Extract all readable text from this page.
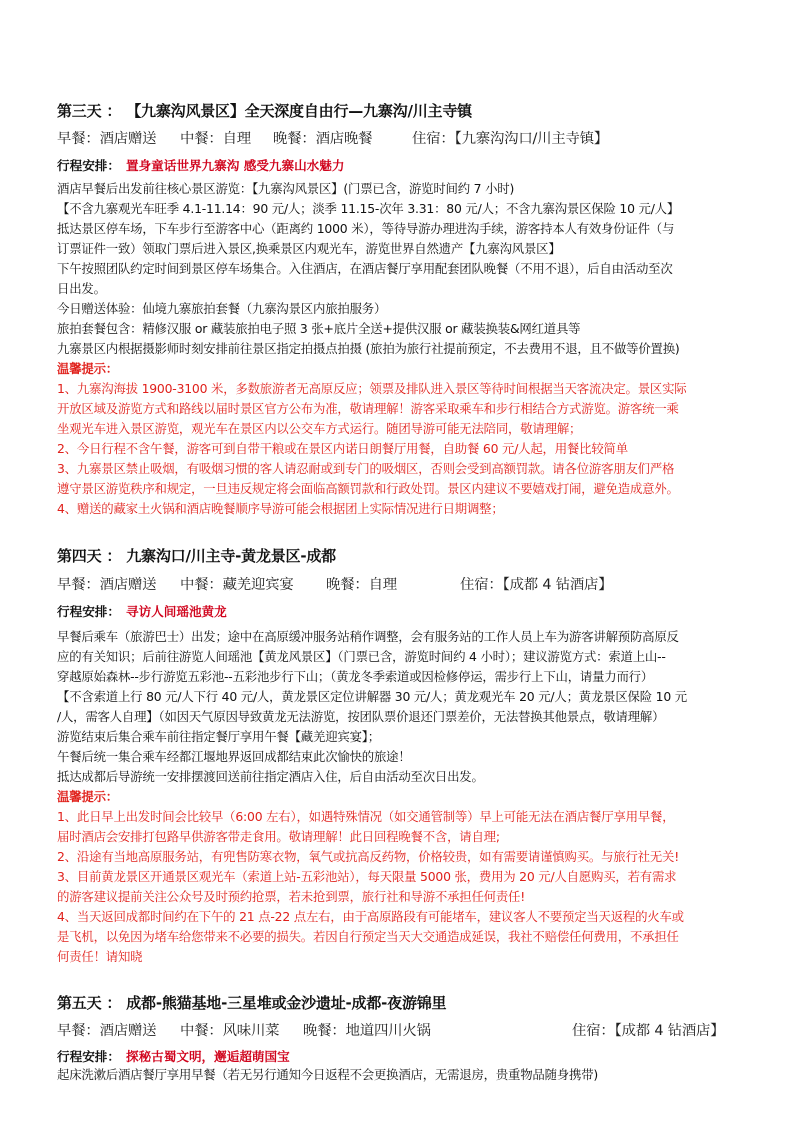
第三天 ： 【九寨沟风景区】全天深度自由行—九寨沟/川主寺镇
早餐：酒店赠送 中餐：自理 晚餐：酒店晚餐	住宿：【九寨沟沟口/川主寺镇】
行程安排： 置身童话世界九寨沟 感受九寨山水魅力
酒店早餐后出发前往核心景区游览：【九寨沟风景区】(门票已含，游览时间约 7 小时)
【不含九寨观光车旺季 4.1-11.14：90 元/人；淡季 11.15-次年 3.31：80 元/人；不含九寨沟景区保险 10 元/人】
抵达景区停车场，下车步行至游客中心（距离约 1000 米），等待导游办理进沟手续，游客持本人有效身份证件（与
订票证件一致）领取门票后进入景区,换乘景区内观光车，游览世界自然遗产【九寨沟风景区】
下午按照团队约定时间到景区停车场集合。入住酒店，在酒店餐厅享用配套团队晚餐（不用不退），后自由活动至次
日出发。
今日赠送体验：仙境九寨旅拍套餐（九寨沟景区内旅拍服务）
旅拍套餐包含：精修汉服 or 藏装旅拍电子照 3 张+底片全送+提供汉服 or 藏装换装&网红道具等
九寨景区内根据摄影师时刻安排前往景区指定拍摄点拍摄 (旅拍为旅行社提前预定，不去费用不退，且不做等价置换)
温馨提示：
1、九寨沟海拔 1900-3100 米，多数旅游者无高原反应；领票及排队进入景区等待时间根据当天客流决定。景区实际
开放区域及游览方式和路线以届时景区官方公布为准，敬请理解！游客采取乘车和步行相结合方式游览。游客统一乘
坐观光车进入景区游览，观光车在景区内以公交车方式运行。随团导游可能无法陪同，敬请理解；
2、今日行程不含午餐，游客可到自带干粮或在景区内诺日朗餐厅用餐，自助餐 60 元/人起，用餐比较简单
3、九寨景区禁止吸烟，有吸烟习惯的客人请忍耐或到专门的吸烟区，否则会受到高额罚款。请各位游客朋友们严格
遵守景区游览秩序和规定，一旦违反规定将会面临高额罚款和行政处罚。景区内建议不要嬉戏打闹，避免造成意外。
4、赠送的藏家土火锅和酒店晚餐顺序导游可能会根据团上实际情况进行日期调整；
第四天 ： 九寨沟口/川主寺-黄龙景区-成都
早餐：酒店赠送 中餐：藏羌迎宾宴 晚餐：自理	住宿：【成都 4 钻酒店】
行程安排： 寻访人间瑶池黄龙
早餐后乘车（旅游巴士）出发；途中在高原缓冲服务站稍作调整，会有服务站的工作人员上车为游客讲解预防高原反
应的有关知识；后前往游览人间瑶池【黄龙风景区】（门票已含，游览时间约 4 小时）；建议游览方式：索道上山--
穿越原始森林--步行游览五彩池--五彩池步行下山；（黄龙冬季索道或因检修停运，需步行上下山，请量力而行）
【不含索道上行 80 元/人下行 40 元/人，黄龙景区定位讲解器 30 元/人；黄龙观光车 20 元/人；黄龙景区保险 10 元
/人，需客人自理】（如因天气原因导致黄龙无法游览，按团队票价退还门票差价，无法替换其他景点，敬请理解）
游览结束后集合乘车前往指定餐厅享用午餐【藏羌迎宾宴】；
午餐后统一集合乘车经都江堰地界返回成都结束此次愉快的旅途！
抵达成都后导游统一安排摆渡回送前往指定酒店入住，后自由活动至次日出发。
温馨提示：
1、此日早上出发时间会比较早（6:00 左右），如遇特殊情况（如交通管制等）早上可能无法在酒店餐厅享用早餐，
届时酒店会安排打包路早供游客带走食用。敬请理解！此日回程晚餐不含，请自理;
2、沿途有当地高原服务站，有兜售防寒衣物，氧气或抗高反药物，价格较贵，如有需要请谨慎购买。与旅行社无关!
3、目前黄龙景区开通景区观光车（索道上站-五彩池站），每天限量 5000 张，费用为 20 元/人自愿购买，若有需求
的游客建议提前关注公众号及时预约抢票，若未抢到票，旅行社和导游不承担任何责任!
4、当天返回成都时间约在下午的 21 点-22 点左右，由于高原路段有可能堵车，建议客人不要预定当天返程的火车或
是飞机，以免因为堵车给您带来不必要的损失。若因自行预定当天大交通造成延误，我社不赔偿任何费用，不承担任
何责任！请知晓
第五天 ： 成都-熊猫基地-三星堆或金沙遗址-成都-夜游锦里
早餐：酒店赠送 中餐：风味川菜 晚餐：地道四川火锅	住宿：【成都 4 钻酒店】
行程安排： 探秘古蜀文明，邂逅超萌国宝
起床洗漱后酒店餐厅享用早餐（若无另行通知今日返程不会更换酒店，无需退房，贵重物品随身携带)
